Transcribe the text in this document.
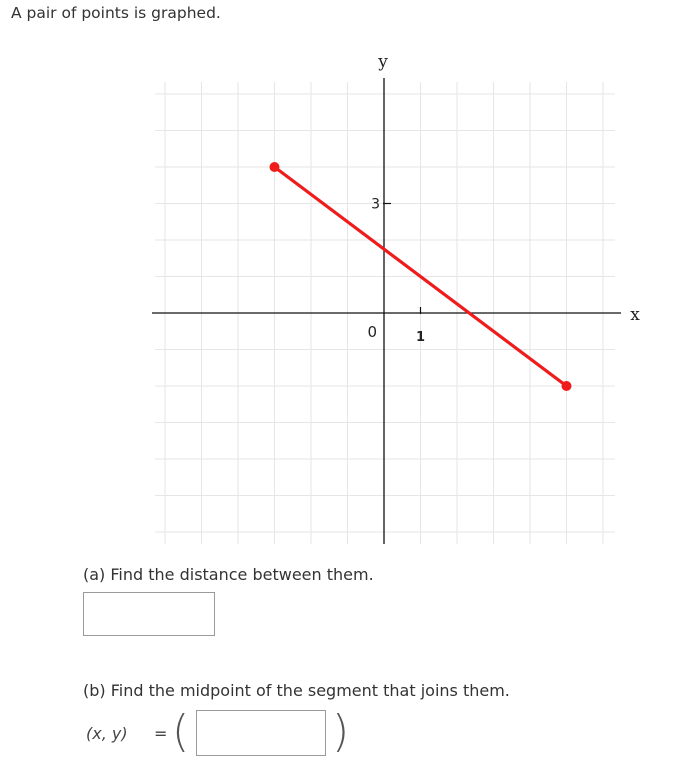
A pair of points is graphed.
y
x
3
0	1
(a) Find the distance between them.
(b) Find the midpoint of the segment that joins them.
(x, y) = (	)
